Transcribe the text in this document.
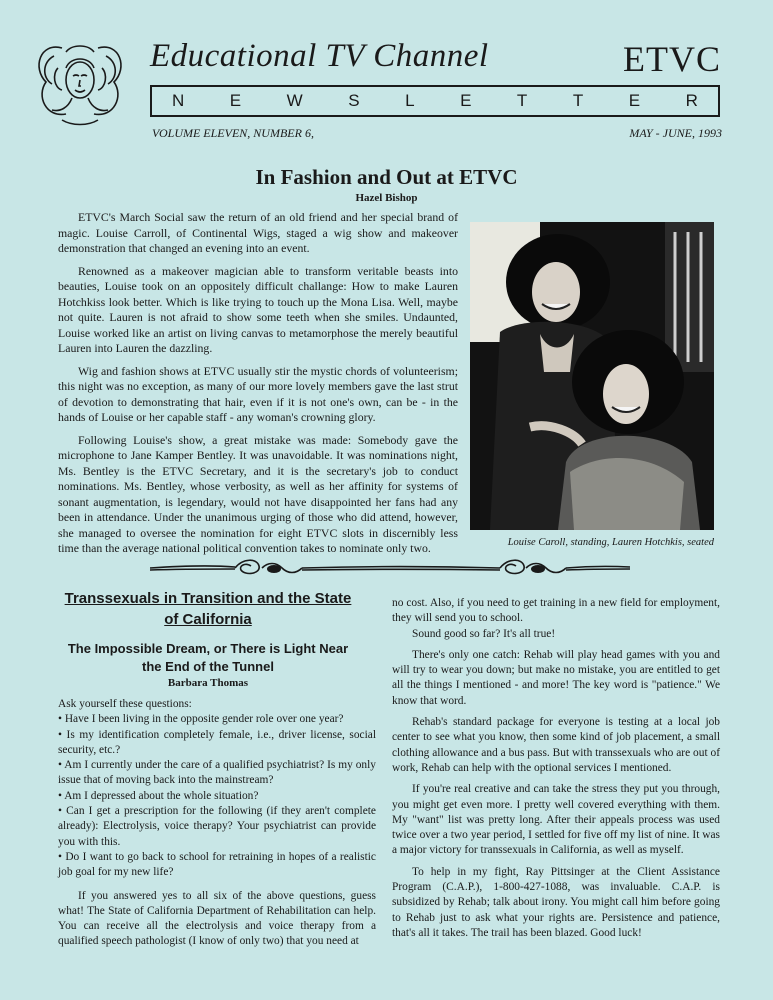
Educational TV Channel	ETVC
N	E	W	S	L	E	T	T	E	R
VOLUME ELEVEN, NUMBER 6,	MAY - JUNE, 1993
In Fashion and Out at ETVC
Hazel Bishop

ETVC's March Social saw the return of an old friend and her special brand of magic. Louise Carroll, of Continental Wigs, staged a wig show and makeover demonstration that changed an evening into an event.

Renowned as a makeover magician able to transform veritable beasts into beauties, Louise took on an oppositely difficult challange: How to make Lauren Hotchkiss look better. Which is like trying to touch up the Mona Lisa. Well, maybe not quite. Lauren is not afraid to show some teeth when she smiles. Undaunted, Louise worked like an artist on living canvas to metamorphose the merely beautiful Lauren into Lauren the dazzling.

Wig and fashion shows at ETVC usually stir the mystic chords of volunteerism; this night was no exception, as many of our more lovely members gave the last strut of devotion to demonstrating that hair, even if it is not one's own, can be - in the hands of Louise or her capable staff - any woman's crowning glory.

Following Louise's show, a great mistake was made: Somebody gave the microphone to Jane Kamper Bentley. It was unavoidable. It was nominations night, Ms. Bentley is the ETVC Secretary, and it is the secretary's job to conduct nominations. Ms. Bentley, whose verbosity, as well as her affinity for systems of sonant augmentation, is legendary, would not have disappointed her fans had any been in attendance. Under the unanimous urging of those who did attend, however, she managed to oversee the nomination for eight ETVC slots in discernibly less time than the average national political convention takes to nominate only two.	Louise Caroll, standing, Lauren Hotchkis, seated
Transsexuals in Transition and the State of California
The Impossible Dream, or There is Light Near the End of the Tunnel
Barbara Thomas

Ask yourself these questions:

• Have I been living in the opposite gender role over one year?

• Is my identification completely female, i.e., driver license, social security, etc.?

• Am I currently under the care of a qualified psychiatrist? Is my only issue that of moving back into the mainstream?

• Am I depressed about the whole situation?

• Can I get a prescription for the following (if they aren't complete already): Electrolysis, voice therapy? Your psychiatrist can provide you with this.

• Do I want to go back to school for retraining in hopes of a realistic job goal for my new life?

If you answered yes to all six of the above questions, guess what! The State of California Department of Rehabilitation can help. You can receive all the electrolysis and voice therapy from a qualified speech pathologist (I know of only two) that you need at

no cost. Also, if you need to get training in a new field for employment, they will send you to school.

Sound good so far? It's all true!

There's only one catch: Rehab will play head games with you and will try to wear you down; but make no mistake, you are entitled to get all the things I mentioned - and more! The key word is "patience." We know that word.

Rehab's standard package for everyone is testing at a local job center to see what you know, then some kind of job placement, a small clothing allowance and a bus pass. But with transsexuals who are out of work, Rehab can help with the optional services I mentioned.

If you're real creative and can take the stress they put you through, you might get even more. I pretty well covered everything with them. My "want" list was pretty long. After their appeals process was used twice over a two year period, I settled for five off my list of nine. It was a major victory for transsexuals in California, as well as myself.

To help in my fight, Ray Pittsinger at the Client Assistance Program (C.A.P.), 1-800-427-1088, was invaluable. C.A.P. is subsidized by Rehab; talk about irony. You might call him before going to Rehab just to ask what your rights are. Persistence and patience, that's all it takes. The trail has been blazed. Good luck!
